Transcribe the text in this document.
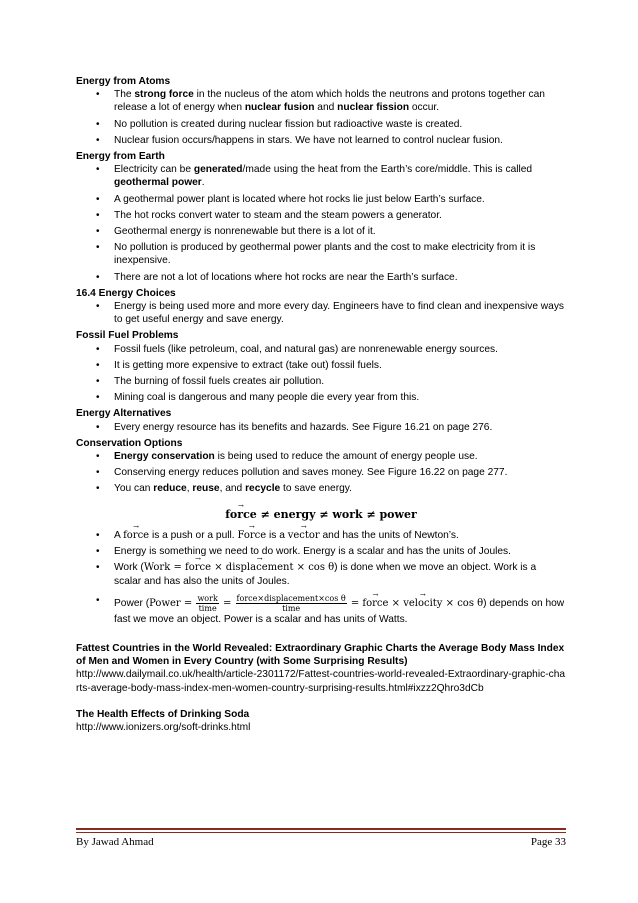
Energy from Atoms

• The strong force in the nucleus of the atom which holds the neutrons and protons together can release a lot of energy when nuclear fusion and nuclear fission occur.
• No pollution is created during nuclear fission but radioactive waste is created.
• Nuclear fusion occurs/happens in stars. We have not learned to control nuclear fusion.

Energy from Earth

• Electricity can be generated/made using the heat from the Earth’s core/middle. This is called geothermal power.
• A geothermal power plant is located where hot rocks lie just below Earth’s surface.
• The hot rocks convert water to steam and the steam powers a generator.
• Geothermal energy is nonrenewable but there is a lot of it.
• No pollution is produced by geothermal power plants and the cost to make electricity from it is inexpensive.
• There are not a lot of locations where hot rocks are near the Earth’s surface.

16.4 Energy Choices

• Energy is being used more and more every day. Engineers have to find clean and inexpensive ways to get useful energy and save energy.

Fossil Fuel Problems

• Fossil fuels (like petroleum, coal, and natural gas) are nonrenewable energy sources.
• It is getting more expensive to extract (take out) fossil fuels.
• The burning of fossil fuels creates air pollution.
• Mining coal is dangerous and many people die every year from this.

Energy Alternatives

• Every energy resource has its benefits and hazards. See Figure 16.21 on page 276.

Conservation Options

• Energy conservation is being used to reduce the amount of energy people use.
• Conserving energy reduces pollution and saves money. See Figure 16.22 on page 277.
• You can reduce, reuse, and recycle to save energy.
→ force ≠ energy ≠ work ≠ power
• A → force is a push or a pull. → Force is a → vector and has the units of Newton’s.
• Energy is something we need to do work. Energy is a scalar and has the units of Joules.
• Work (Work = → force × → displacement × cos θ) is done when we move an object. Work is a scalar and has also the units of Joules.
• Power (Power = $\frac{\text{work}}{\text{time}} = \frac{\text{force×displacement×cos θ}}{\text{time}}$ = → force × → velocity × cos θ) depends on how fast we move an object. Power is a scalar and has units of Watts.

Fattest Countries in the World Revealed: Extraordinary Graphic Charts the Average Body Mass Index of Men and Women in Every Country (with Some Surprising Results)

http://www.dailymail.co.uk/health/article-2301172/Fattest-countries-world-revealed-Extraordinary-graphic-charts-average-body-mass-index-men-women-country-surprising-results.html#ixzz2Qhro3dCb

The Health Effects of Drinking Soda

http://www.ionizers.org/soft-drinks.html

By Jawad Ahmad	Page 33
